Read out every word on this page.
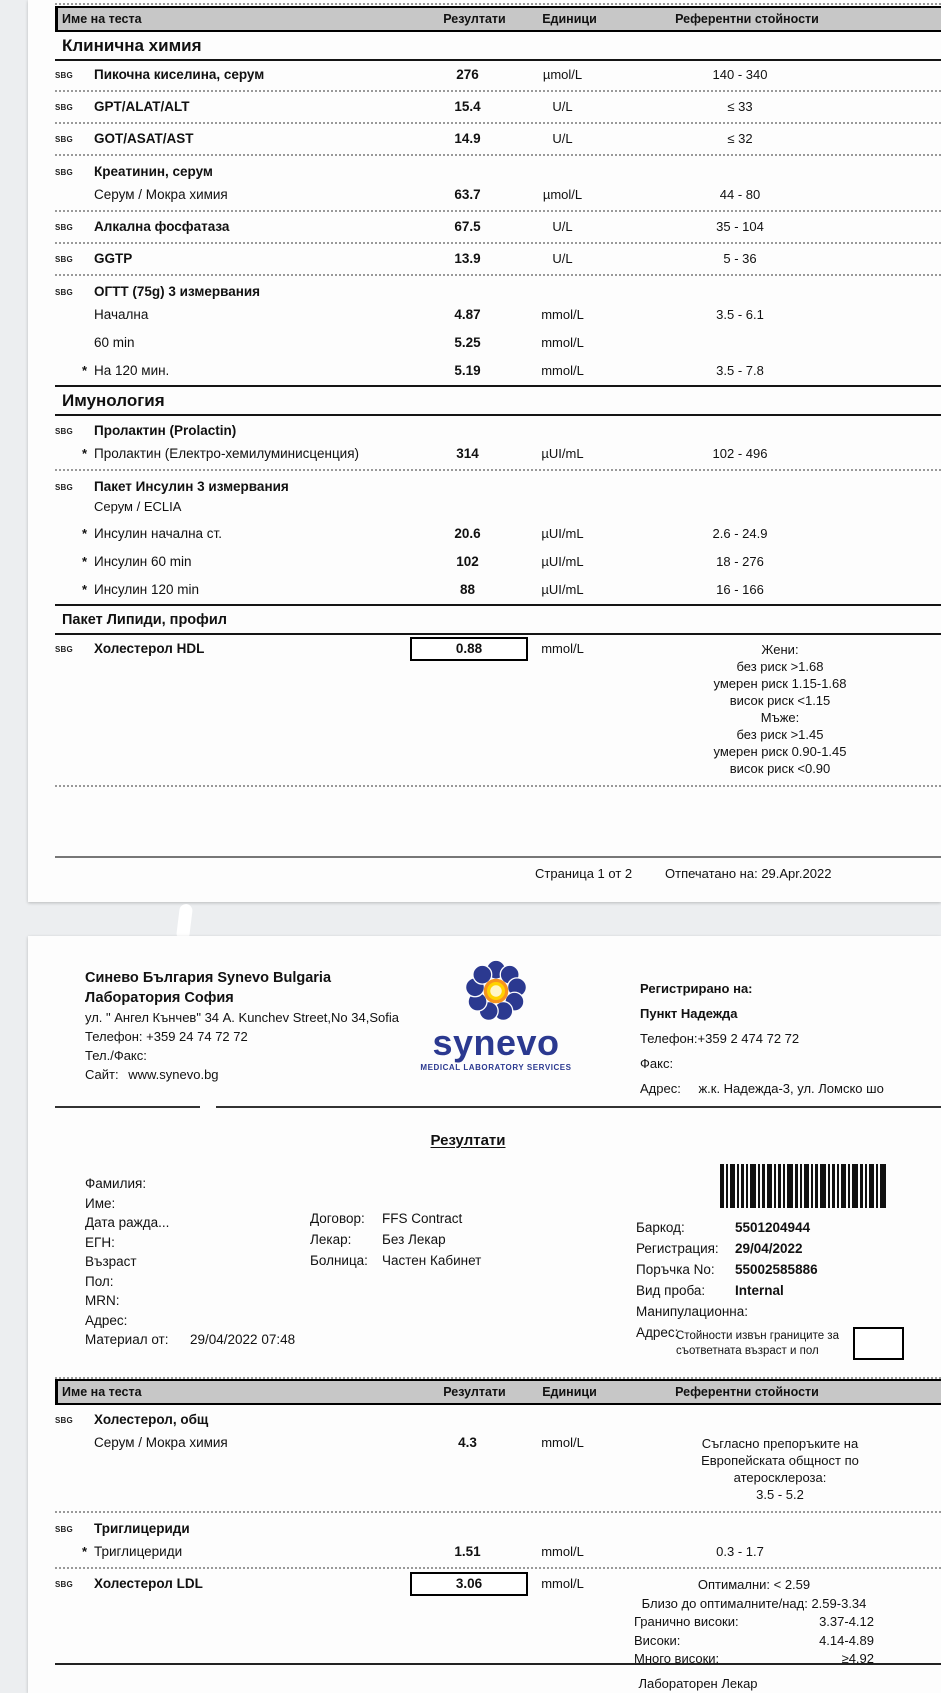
Име на теста	Резултати	Единици	Референтни стойности
Клинична химия
SBG	Пикочна киселина, серум	276	µmol/L	140 - 340
SBG	GPT/ALAT/ALT	15.4	U/L	≤ 33
SBG	GOT/ASAT/AST	14.9	U/L	≤ 32
SBG	Креатинин, серум
Серум / Мокра химия	63.7	µmol/L	44 - 80
SBG	Алкална фосфатаза	67.5	U/L	35 - 104
SBG	GGTP	13.9	U/L	5 - 36
SBG	ОГТТ (75g) 3 измервания
Начална	4.87	mmol/L	3.5 - 6.1
60 min	5.25	mmol/L
* На 120 мин.	5.19	mmol/L	3.5 - 7.8
Имунология
SBG	Пролактин (Prolactin)
* Пролактин (Електро-хемилуминисценция)	314	µUI/mL	102 - 496
SBG	Пакет Инсулин 3 измервания
Серум / ECLIA
* Инсулин начална ст.	20.6	µUI/mL	2.6 - 24.9
* Инсулин 60 min	102	µUI/mL	18 - 276
* Инсулин 120 min	88	µUI/mL	16 - 166
Пакет Липиди, профил
SBG	Холестерол HDL	0.88	mmol/L	Жени:
без риск >1.68
умерен риск 1.15-1.68
висок риск <1.15
Мъже:
без риск >1.45
умерен риск 0.90-1.45
висок риск <0.90
Страница 1 от 2	Отпечатано на: 29.Apr.2022
Синево България Synevo Bulgaria
Лаборатория София
ул. " Ангел Кънчев" 34 A. Kunchev Street,No 34,Sofia
Телефон: +359 24 74 72 72
Тел./Факс:
Сайт: www.synevo.bg
synevo
MEDICAL LABORATORY SERVICES
Регистрирано на:
Пункт Надежда
Телефон:+359 2 474 72 72
Факс:
Адрес: ж.к. Надежда-3, ул. Ломско шо
Резултати
Фамилия:
Име:
Дата ражда...
ЕГН:
Възраст
Пол:
MRN:
Адрес:
Материал от:	29/04/2022 07:48
Договор:	FFS Contract
Лекар:	Без Лекар
Болница:	Частен Кабинет
Баркод:	5501204944
Регистрация:	29/04/2022
Поръчка No:	55002585886
Вид проба:	Internal
Манипулационна:
Адрес:
Стойности извън границите за
съответната възраст и пол
Име на теста	Резултати	Единици	Референтни стойности
SBG	Холестерол, общ
Серум / Мокра химия	4.3	mmol/L	Съгласно препоръките на
Европейската общност по
атеросклероза:
3.5 - 5.2
SBG	Триглицериди
* Триглицериди	1.51	mmol/L	0.3 - 1.7
SBG	Холестерол LDL	3.06	mmol/L	Оптимални: < 2.59
Близо до оптималните/над: 2.59-3.34
Гранично високи:	3.37-4.12
Високи:	4.14-4.89
Много високи:	≥4.92
Лабораторен Лекар
